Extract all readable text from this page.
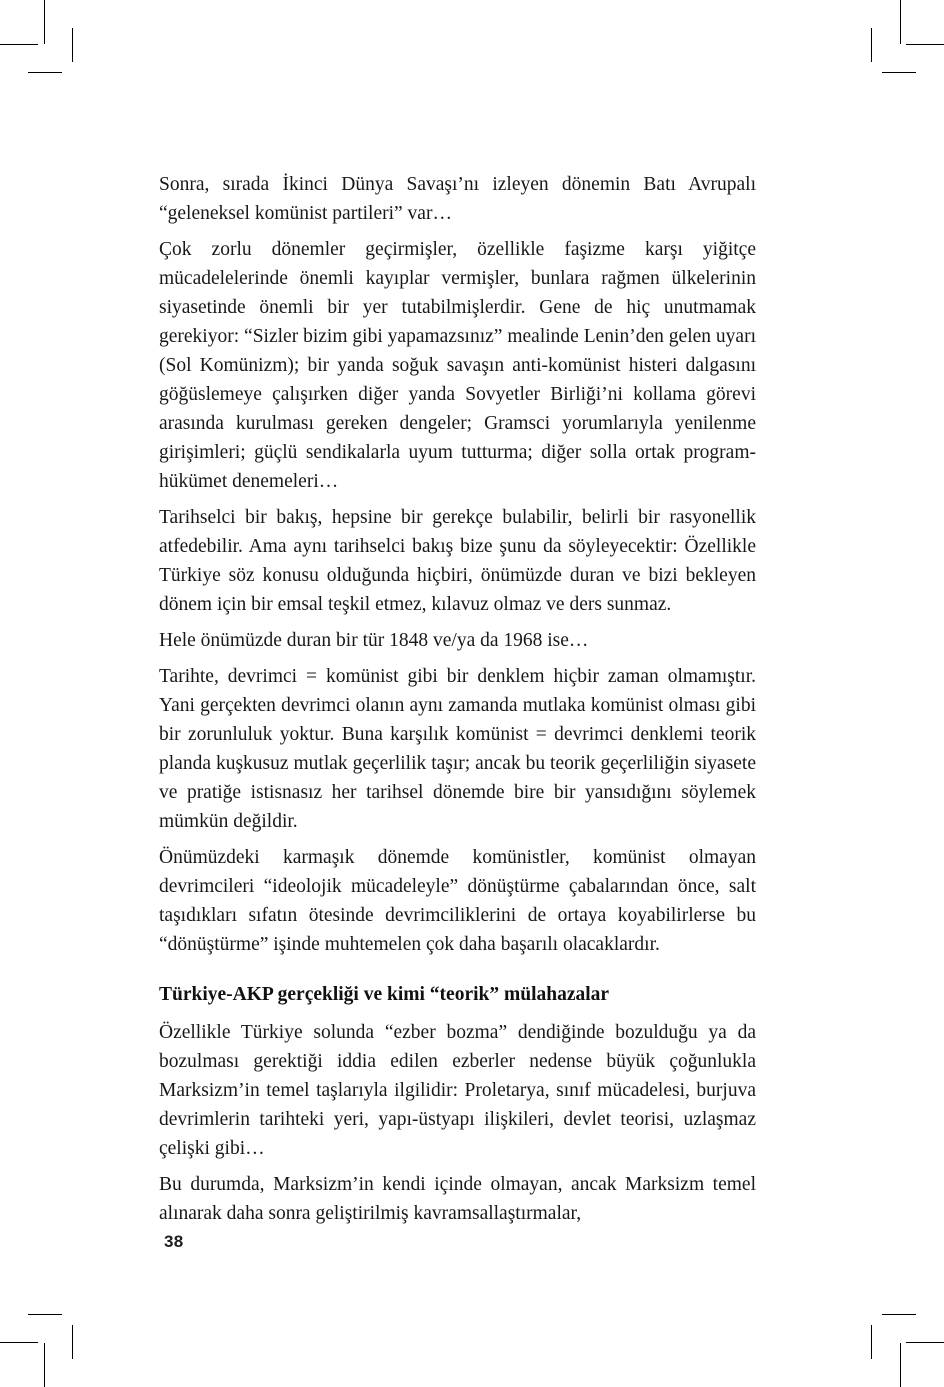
Sonra, sırada İkinci Dünya Savaşı’nı izleyen dönemin Batı Avrupalı “geleneksel komünist partileri” var…

Çok zorlu dönemler geçirmişler, özellikle faşizme karşı yiğitçe mücadelelerinde önemli kayıplar vermişler, bunlara rağmen ülkelerinin siyasetinde önemli bir yer tutabilmişlerdir. Gene de hiç unutmamak gerekiyor: “Sizler bizim gibi yapamazsınız” mealinde Lenin’den gelen uyarı (Sol Komünizm); bir yanda soğuk savaşın anti-komünist histeri dalgasını göğüslemeye çalışırken diğer yanda Sovyetler Birliği’ni kollama görevi arasında kurulması gereken dengeler; Gramsci yorumlarıyla yenilenme girişimleri; güçlü sendikalarla uyum tutturma; diğer solla ortak program-hükümet denemeleri…

Tarihselci bir bakış, hepsine bir gerekçe bulabilir, belirli bir rasyonellik atfedebilir. Ama aynı tarihselci bakış bize şunu da söyleyecektir: Özellikle Türkiye söz konusu olduğunda hiçbiri, önümüzde duran ve bizi bekleyen dönem için bir emsal teşkil etmez, kılavuz olmaz ve ders sunmaz.

Hele önümüzde duran bir tür 1848 ve/ya da 1968 ise…

Tarihte, devrimci = komünist gibi bir denklem hiçbir zaman olmamıştır. Yani gerçekten devrimci olanın aynı zamanda mutlaka komünist olması gibi bir zorunluluk yoktur. Buna karşılık komünist = devrimci denklemi teorik planda kuşkusuz mutlak geçerlilik taşır; ancak bu teorik geçerliliğin siyasete ve pratiğe istisnasız her tarihsel dönemde bire bir yansıdığını söylemek mümkün değildir.

Önümüzdeki karmaşık dönemde komünistler, komünist olmayan devrimcileri “ideolojik mücadeleyle” dönüştürme çabalarından önce, salt taşıdıkları sıfatın ötesinde devrimciliklerini de ortaya koyabilirlerse bu “dönüştürme” işinde muhtemelen çok daha başarılı olacaklardır.

Türkiye-AKP gerçekliği ve kimi “teorik” mülahazalar

Özellikle Türkiye solunda “ezber bozma” dendiğinde bozulduğu ya da bozulması gerektiği iddia edilen ezberler nedense büyük çoğunlukla Marksizm’in temel taşlarıyla ilgilidir: Proletarya, sınıf mücadelesi, burjuva devrimlerin tarihteki yeri, yapı-üstyapı ilişkileri, devlet teorisi, uzlaşmaz çelişki gibi…

Bu durumda, Marksizm’in kendi içinde olmayan, ancak Marksizm temel alınarak daha sonra geliştirilmiş kavramsallaştırmalar,

38
